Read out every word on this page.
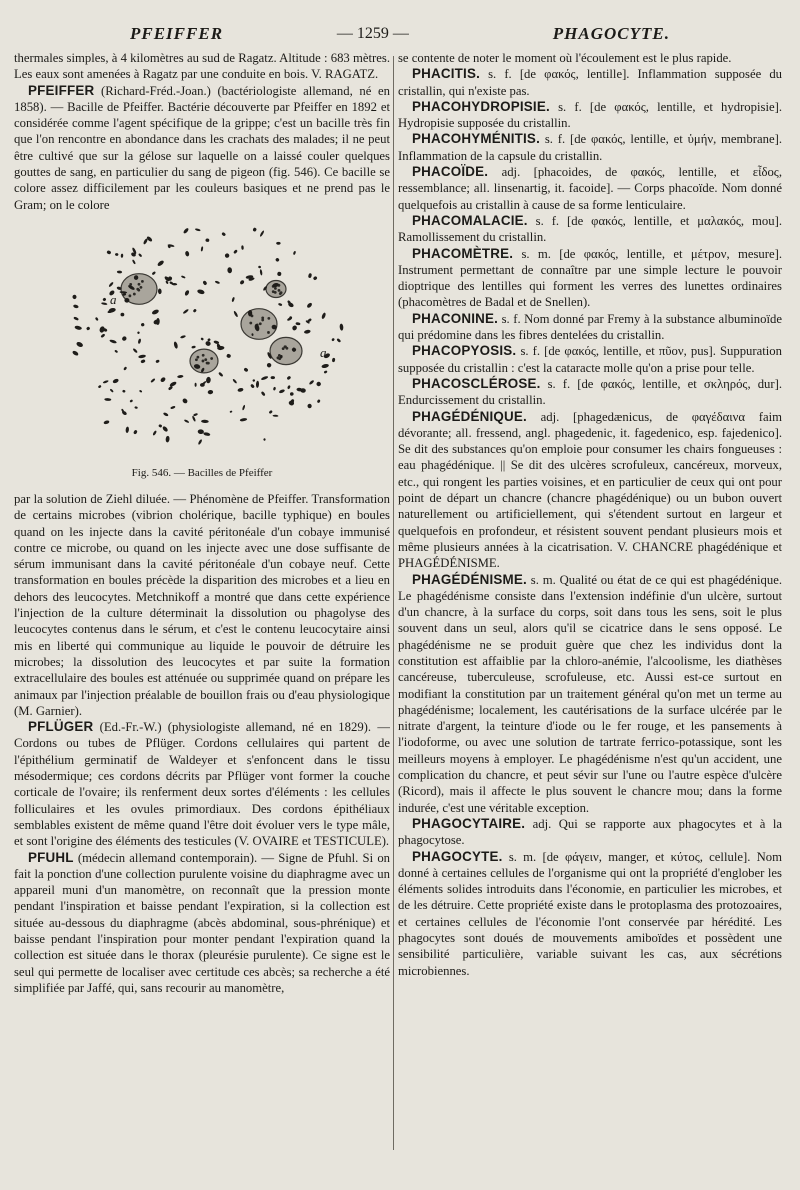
PFEIFFER	— 1259 —	PHAGOCYTE.

thermales simples, à 4 kilomètres au sud de Ragatz. Altitude : 683 mètres. Les eaux sont amenées à Ragatz par une conduite en bois. V. RAGATZ.

PFEIFFER (Richard-Fréd.-Joan.) (bactériologiste allemand, né en 1858). — Bacille de Pfeiffer. Bactérie découverte par Pfeiffer en 1892 et considérée comme l'agent spécifique de la grippe; c'est un bacille très fin que l'on rencontre en abondance dans les crachats des malades; il ne peut être cultivé que sur la gélose sur laquelle on a laissé couler quelques gouttes de sang, en particulier du sang de pigeon (fig. 546). Ce bacille se colore assez difficilement par les couleurs basiques et ne prend pas le Gram; on le colore

a
a
Fig. 546. — Bacilles de Pfeiffer

par la solution de Ziehl diluée. — Phénomène de Pfeiffer. Transformation de certains microbes (vibrion cholérique, bacille typhique) en boules quand on les injecte dans la cavité péritonéale d'un cobaye immunisé contre ce microbe, ou quand on les injecte avec une dose suffisante de sérum immunisant dans la cavité péritonéale d'un cobaye neuf. Cette transformation en boules précède la disparition des microbes et a lieu en dehors des leucocytes. Metchnikoff a montré que dans cette expérience l'injection de la culture déterminait la dissolution ou phagolyse des leucocytes contenus dans le sérum, et c'est le contenu leucocytaire ainsi mis en liberté qui communique au liquide le pouvoir de détruire les microbes; la dissolution des leucocytes et par suite la formation extracellulaire des boules est atténuée ou supprimée quand on prépare les animaux par l'injection préalable de bouillon frais ou d'eau physiologique (M. Garnier).

PFLÜGER (Ed.-Fr.-W.) (physiologiste allemand, né en 1829). — Cordons ou tubes de Pflüger. Cordons cellulaires qui partent de l'épithélium germinatif de Waldeyer et s'enfoncent dans le tissu mésodermique; ces cordons décrits par Pflüger vont former la couche corticale de l'ovaire; ils renferment deux sortes d'éléments : les cellules folliculaires et les ovules primordiaux. Des cordons épithéliaux semblables existent de même quand l'être doit évoluer vers le type mâle, et sont l'origine des éléments des testicules (V. OVAIRE et TESTICULE).

PFUHL (médecin allemand contemporain). — Signe de Pfuhl. Si on fait la ponction d'une collection purulente voisine du diaphragme avec un appareil muni d'un manomètre, on reconnaît que la pression monte pendant l'inspiration et baisse pendant l'expiration, si la collection est située au-dessous du diaphragme (abcès abdominal, sous-phrénique) et baisse pendant l'inspiration pour monter pendant l'expiration quand la collection est située dans le thorax (pleurésie purulente). Ce signe est le seul qui permette de localiser avec certitude ces abcès; sa recherche a été simplifiée par Jaffé, qui, sans recourir au manomètre,

se contente de noter le moment où l'écoulement est le plus rapide.

PHACITIS. s. f. [de φακός, lentille]. Inflammation supposée du cristallin, qui n'existe pas.

PHACOHYDROPISIE. s. f. [de φακός, lentille, et hydropisie]. Hydropisie supposée du cristallin.

PHACOHYMÉNITIS. s. f. [de φακός, lentille, et ὑμήν, membrane]. Inflammation de la capsule du cristallin.

PHACOÏDE. adj. [phacoides, de φακός, lentille, et εἶδος, ressemblance; all. linsenartig, it. facoide]. — Corps phacoïde. Nom donné quelquefois au cristallin à cause de sa forme lenticulaire.

PHACOMALACIE. s. f. [de φακός, lentille, et μαλακός, mou]. Ramollissement du cristallin.

PHACOMÈTRE. s. m. [de φακός, lentille, et μέτρον, mesure]. Instrument permettant de connaître par une simple lecture le pouvoir dioptrique des lentilles qui forment les verres des lunettes ordinaires (phacomètres de Badal et de Snellen).

PHACONINE. s. f. Nom donné par Fremy à la substance albuminoïde qui prédomine dans les fibres dentelées du cristallin.

PHACOPYOSIS. s. f. [de φακός, lentille, et πῦον, pus]. Suppuration supposée du cristallin : c'est la cataracte molle qu'on a prise pour telle.

PHACOSCLÉROSE. s. f. [de φακός, lentille, et σκληρός, dur]. Endurcissement du cristallin.

PHAGÉDÉNIQUE. adj. [phagedænicus, de φαγέδαινα faim dévorante; all. fressend, angl. phagedenic, it. fagedenico, esp. fajedenico]. Se dit des substances qu'on emploie pour consumer les chairs fongueuses : eau phagédénique. || Se dit des ulcères scrofuleux, cancéreux, morveux, etc., qui rongent les parties voisines, et en particulier de ceux qui ont pour point de départ un chancre (chancre phagédénique) ou un bubon ouvert naturellement ou artificiellement, qui s'étendent surtout en largeur et quelquefois en profondeur, et résistent souvent pendant plusieurs mois et même plusieurs années à la cicatrisation. V. CHANCRE phagédénique et PHAGÉDÉNISME.

PHAGÉDÉNISME. s. m. Qualité ou état de ce qui est phagédénique. Le phagédénisme consiste dans l'extension indéfinie d'un ulcère, surtout d'un chancre, à la surface du corps, soit dans tous les sens, soit le plus souvent dans un seul, alors qu'il se cicatrice dans le sens opposé. Le phagédénisme ne se produit guère que chez les individus dont la constitution est affaiblie par la chloro-anémie, l'alcoolisme, les diathèses cancéreuse, tuberculeuse, scrofuleuse, etc. Aussi est-ce surtout en modifiant la constitution par un traitement général qu'on met un terme au phagédénisme; localement, les cautérisations de la surface ulcérée par le nitrate d'argent, la teinture d'iode ou le fer rouge, et les pansements à l'iodoforme, ou avec une solution de tartrate ferrico-potassique, sont les meilleurs moyens à employer. Le phagédénisme n'est qu'un accident, une complication du chancre, et peut sévir sur l'une ou l'autre espèce d'ulcère (Ricord), mais il affecte le plus souvent le chancre mou; dans la forme indurée, c'est une véritable exception.

PHAGOCYTAIRE. adj. Qui se rapporte aux phagocytes et à la phagocytose.

PHAGOCYTE. s. m. [de φάγειν, manger, et κύτος, cellule]. Nom donné à certaines cellules de l'organisme qui ont la propriété d'englober les éléments solides introduits dans l'économie, en particulier les microbes, et de les détruire. Cette propriété existe dans le protoplasma des protozoaires, et certaines cellules de l'économie l'ont conservée par hérédité. Les phagocytes sont doués de mouvements amiboïdes et possèdent une sensibilité particulière, variable suivant les cas, aux sécrétions microbiennes.
